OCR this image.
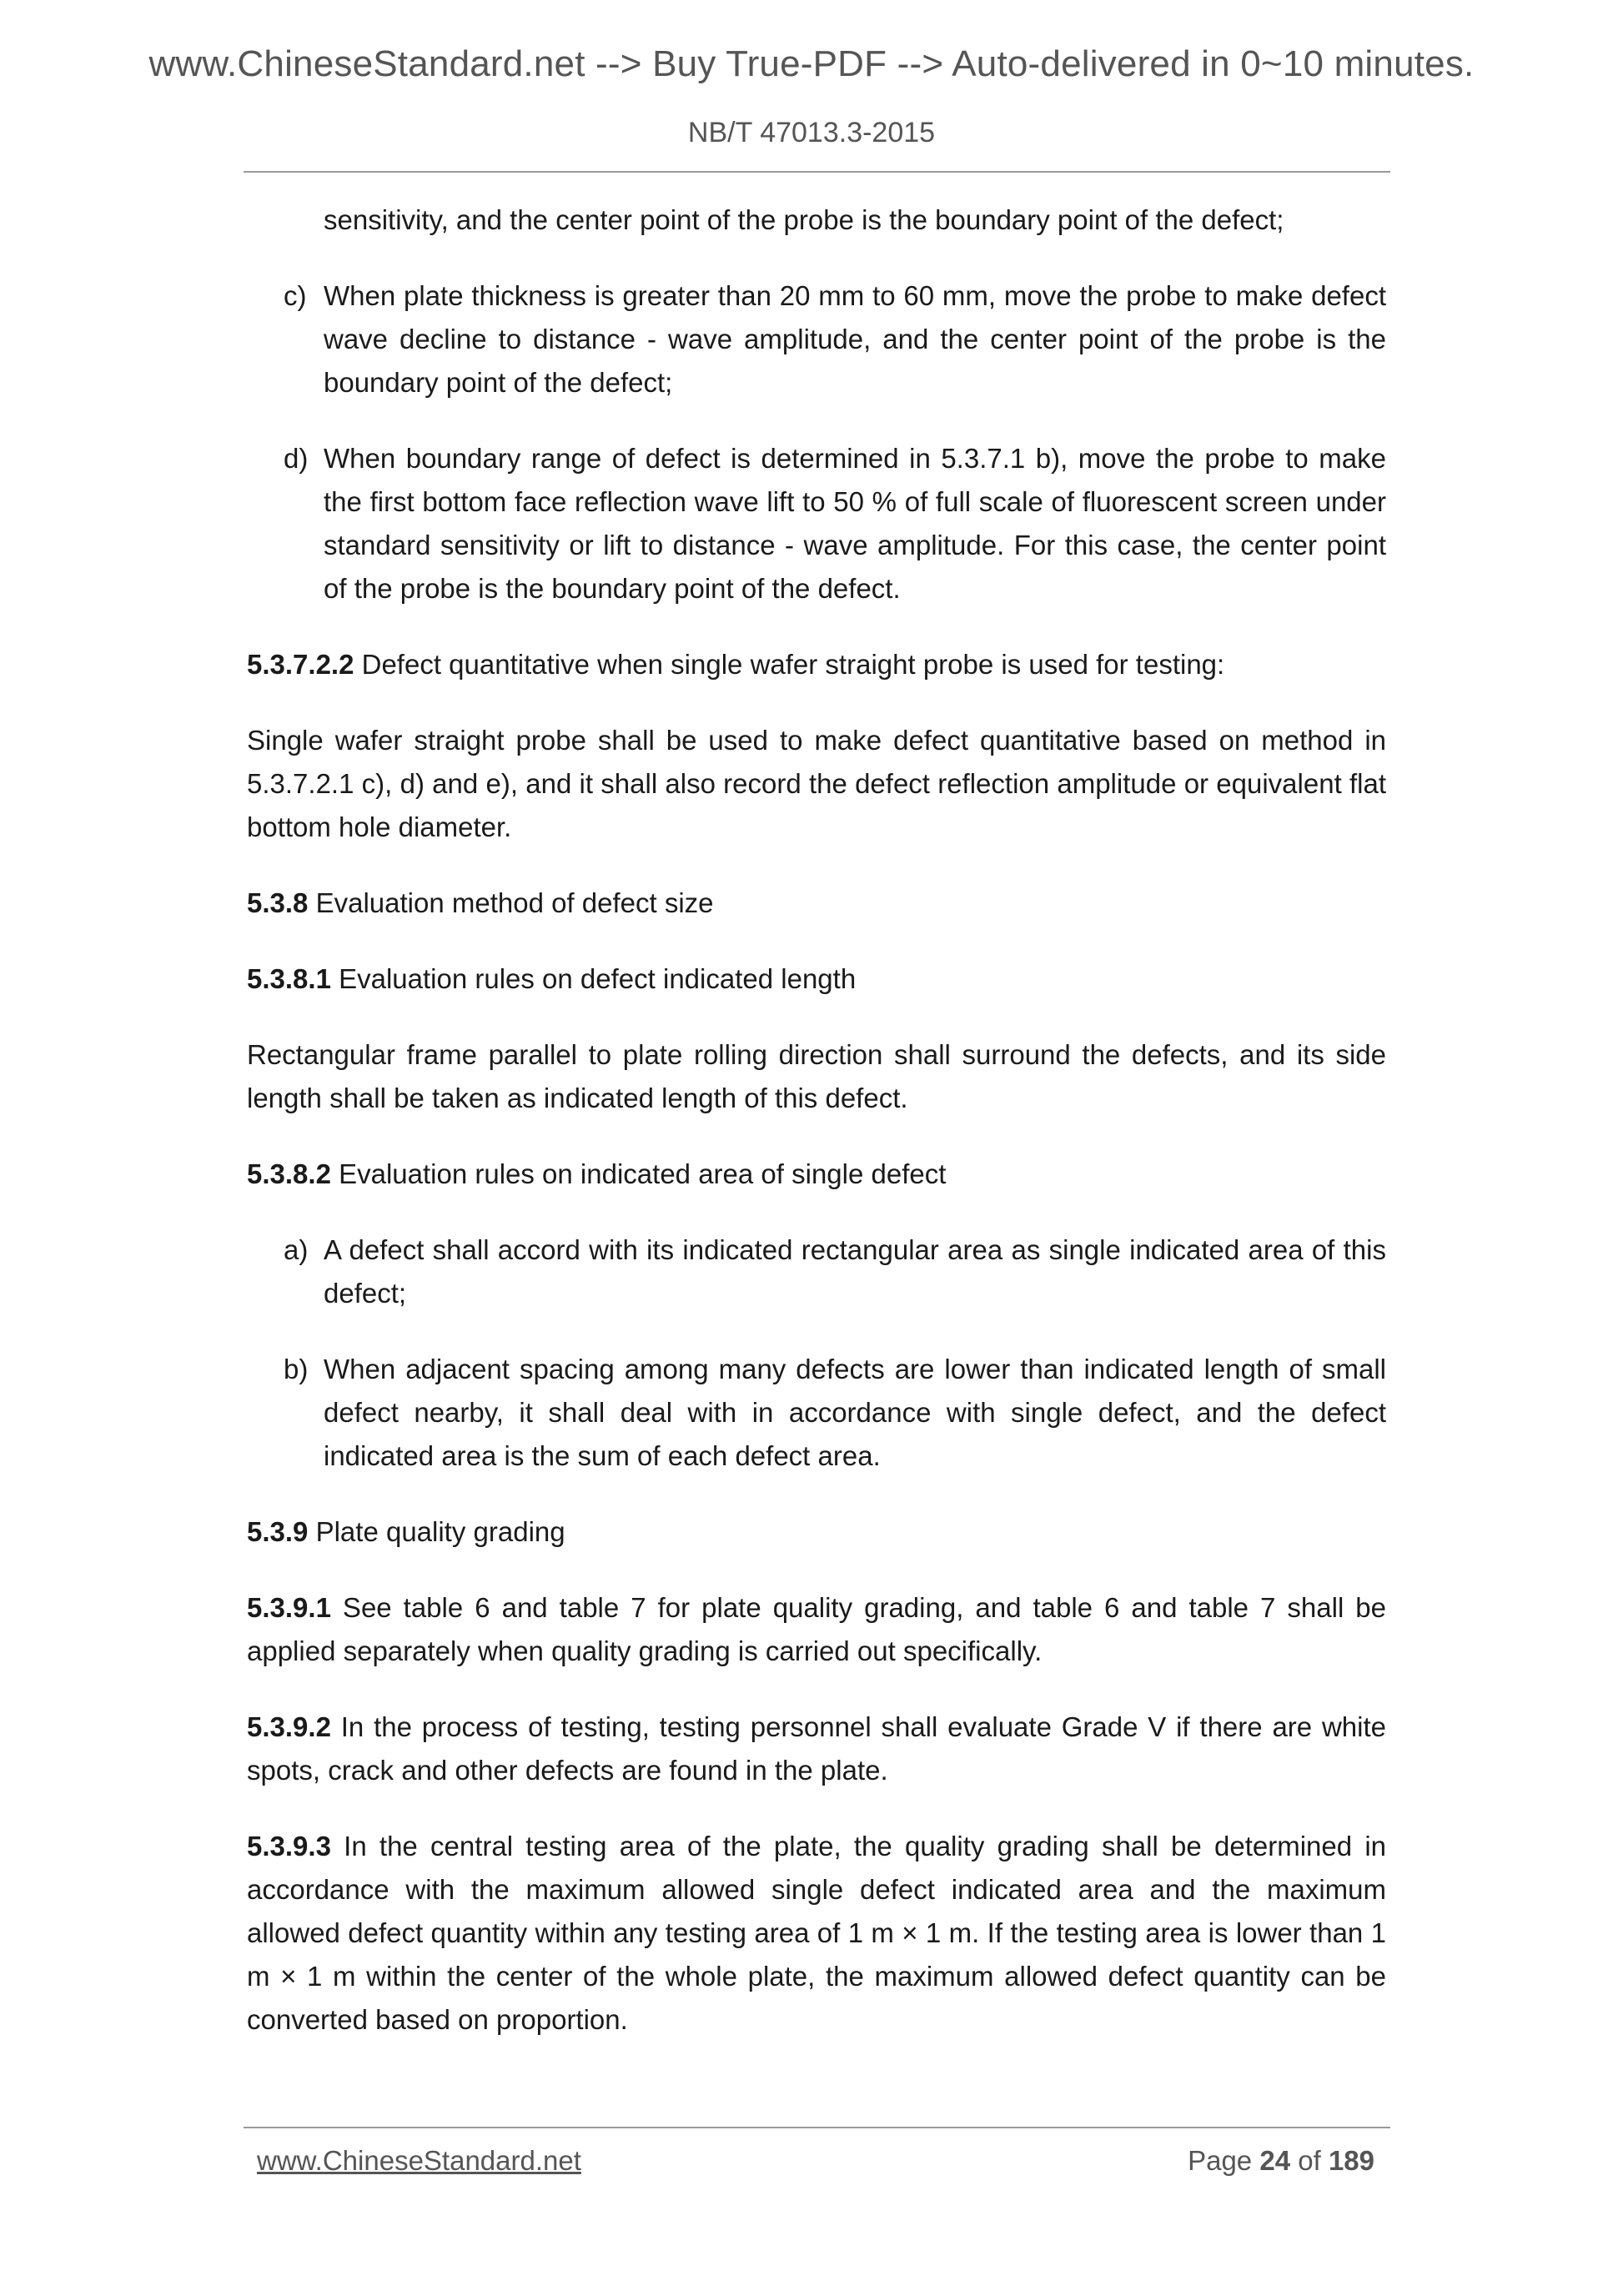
www.ChineseStandard.net --> Buy True-PDF --> Auto-delivered in 0~10 minutes.
NB/T 47013.3-2015
sensitivity, and the center point of the probe is the boundary point of the defect;
c) When plate thickness is greater than 20 mm to 60 mm, move the probe to make defect wave decline to distance - wave amplitude, and the center point of the probe is the boundary point of the defect;
d) When boundary range of defect is determined in 5.3.7.1 b), move the probe to make the first bottom face reflection wave lift to 50 % of full scale of fluorescent screen under standard sensitivity or lift to distance - wave amplitude. For this case, the center point of the probe is the boundary point of the defect.
5.3.7.2.2 Defect quantitative when single wafer straight probe is used for testing:
Single wafer straight probe shall be used to make defect quantitative based on method in 5.3.7.2.1 c), d) and e), and it shall also record the defect reflection amplitude or equivalent flat bottom hole diameter.
5.3.8 Evaluation method of defect size
5.3.8.1 Evaluation rules on defect indicated length
Rectangular frame parallel to plate rolling direction shall surround the defects, and its side length shall be taken as indicated length of this defect.
5.3.8.2 Evaluation rules on indicated area of single defect
a) A defect shall accord with its indicated rectangular area as single indicated area of this defect;
b) When adjacent spacing among many defects are lower than indicated length of small defect nearby, it shall deal with in accordance with single defect, and the defect indicated area is the sum of each defect area.
5.3.9 Plate quality grading
5.3.9.1 See table 6 and table 7 for plate quality grading, and table 6 and table 7 shall be applied separately when quality grading is carried out specifically.
5.3.9.2 In the process of testing, testing personnel shall evaluate Grade V if there are white spots, crack and other defects are found in the plate.
5.3.9.3 In the central testing area of the plate, the quality grading shall be determined in accordance with the maximum allowed single defect indicated area and the maximum allowed defect quantity within any testing area of 1 m × 1 m. If the testing area is lower than 1 m × 1 m within the center of the whole plate, the maximum allowed defect quantity can be converted based on proportion.
www.ChineseStandard.net	Page 24 of 189
